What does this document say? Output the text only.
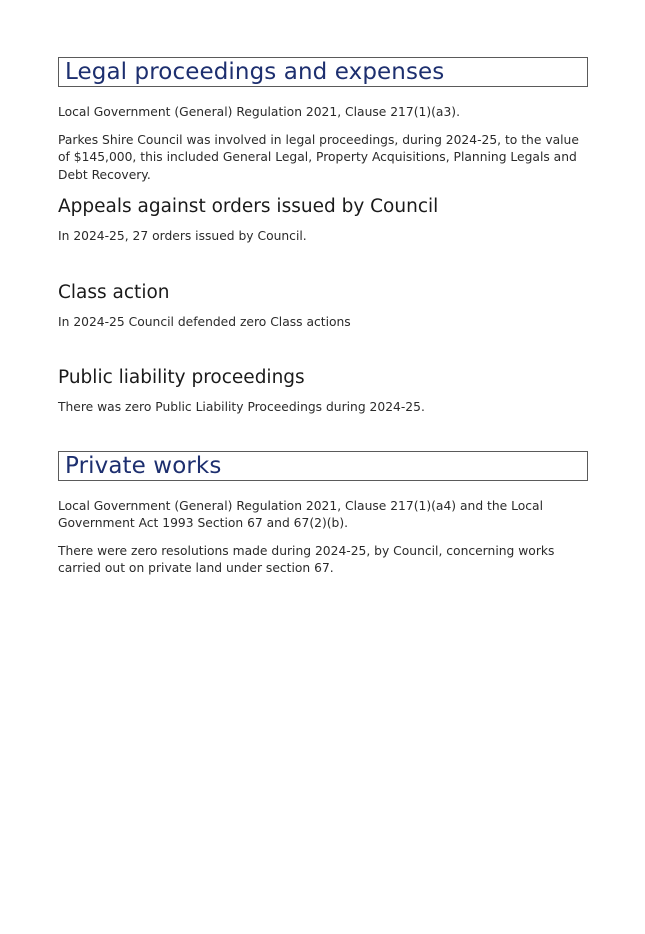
Legal proceedings and expenses

Local Government (General) Regulation 2021, Clause 217(1)(a3).

Parkes Shire Council was involved in legal proceedings, during 2024-25, to the value of $145,000, this included General Legal, Property Acquisitions, Planning Legals and Debt Recovery.

Appeals against orders issued by Council

In 2024-25, 27 orders issued by Council.

Class action

In 2024-25 Council defended zero Class actions

Public liability proceedings

There was zero Public Liability Proceedings during 2024-25.

Private works

Local Government (General) Regulation 2021, Clause 217(1)(a4) and the Local Government Act 1993 Section 67 and 67(2)(b).

There were zero resolutions made during 2024-25, by Council, concerning works carried out on private land under section 67.
